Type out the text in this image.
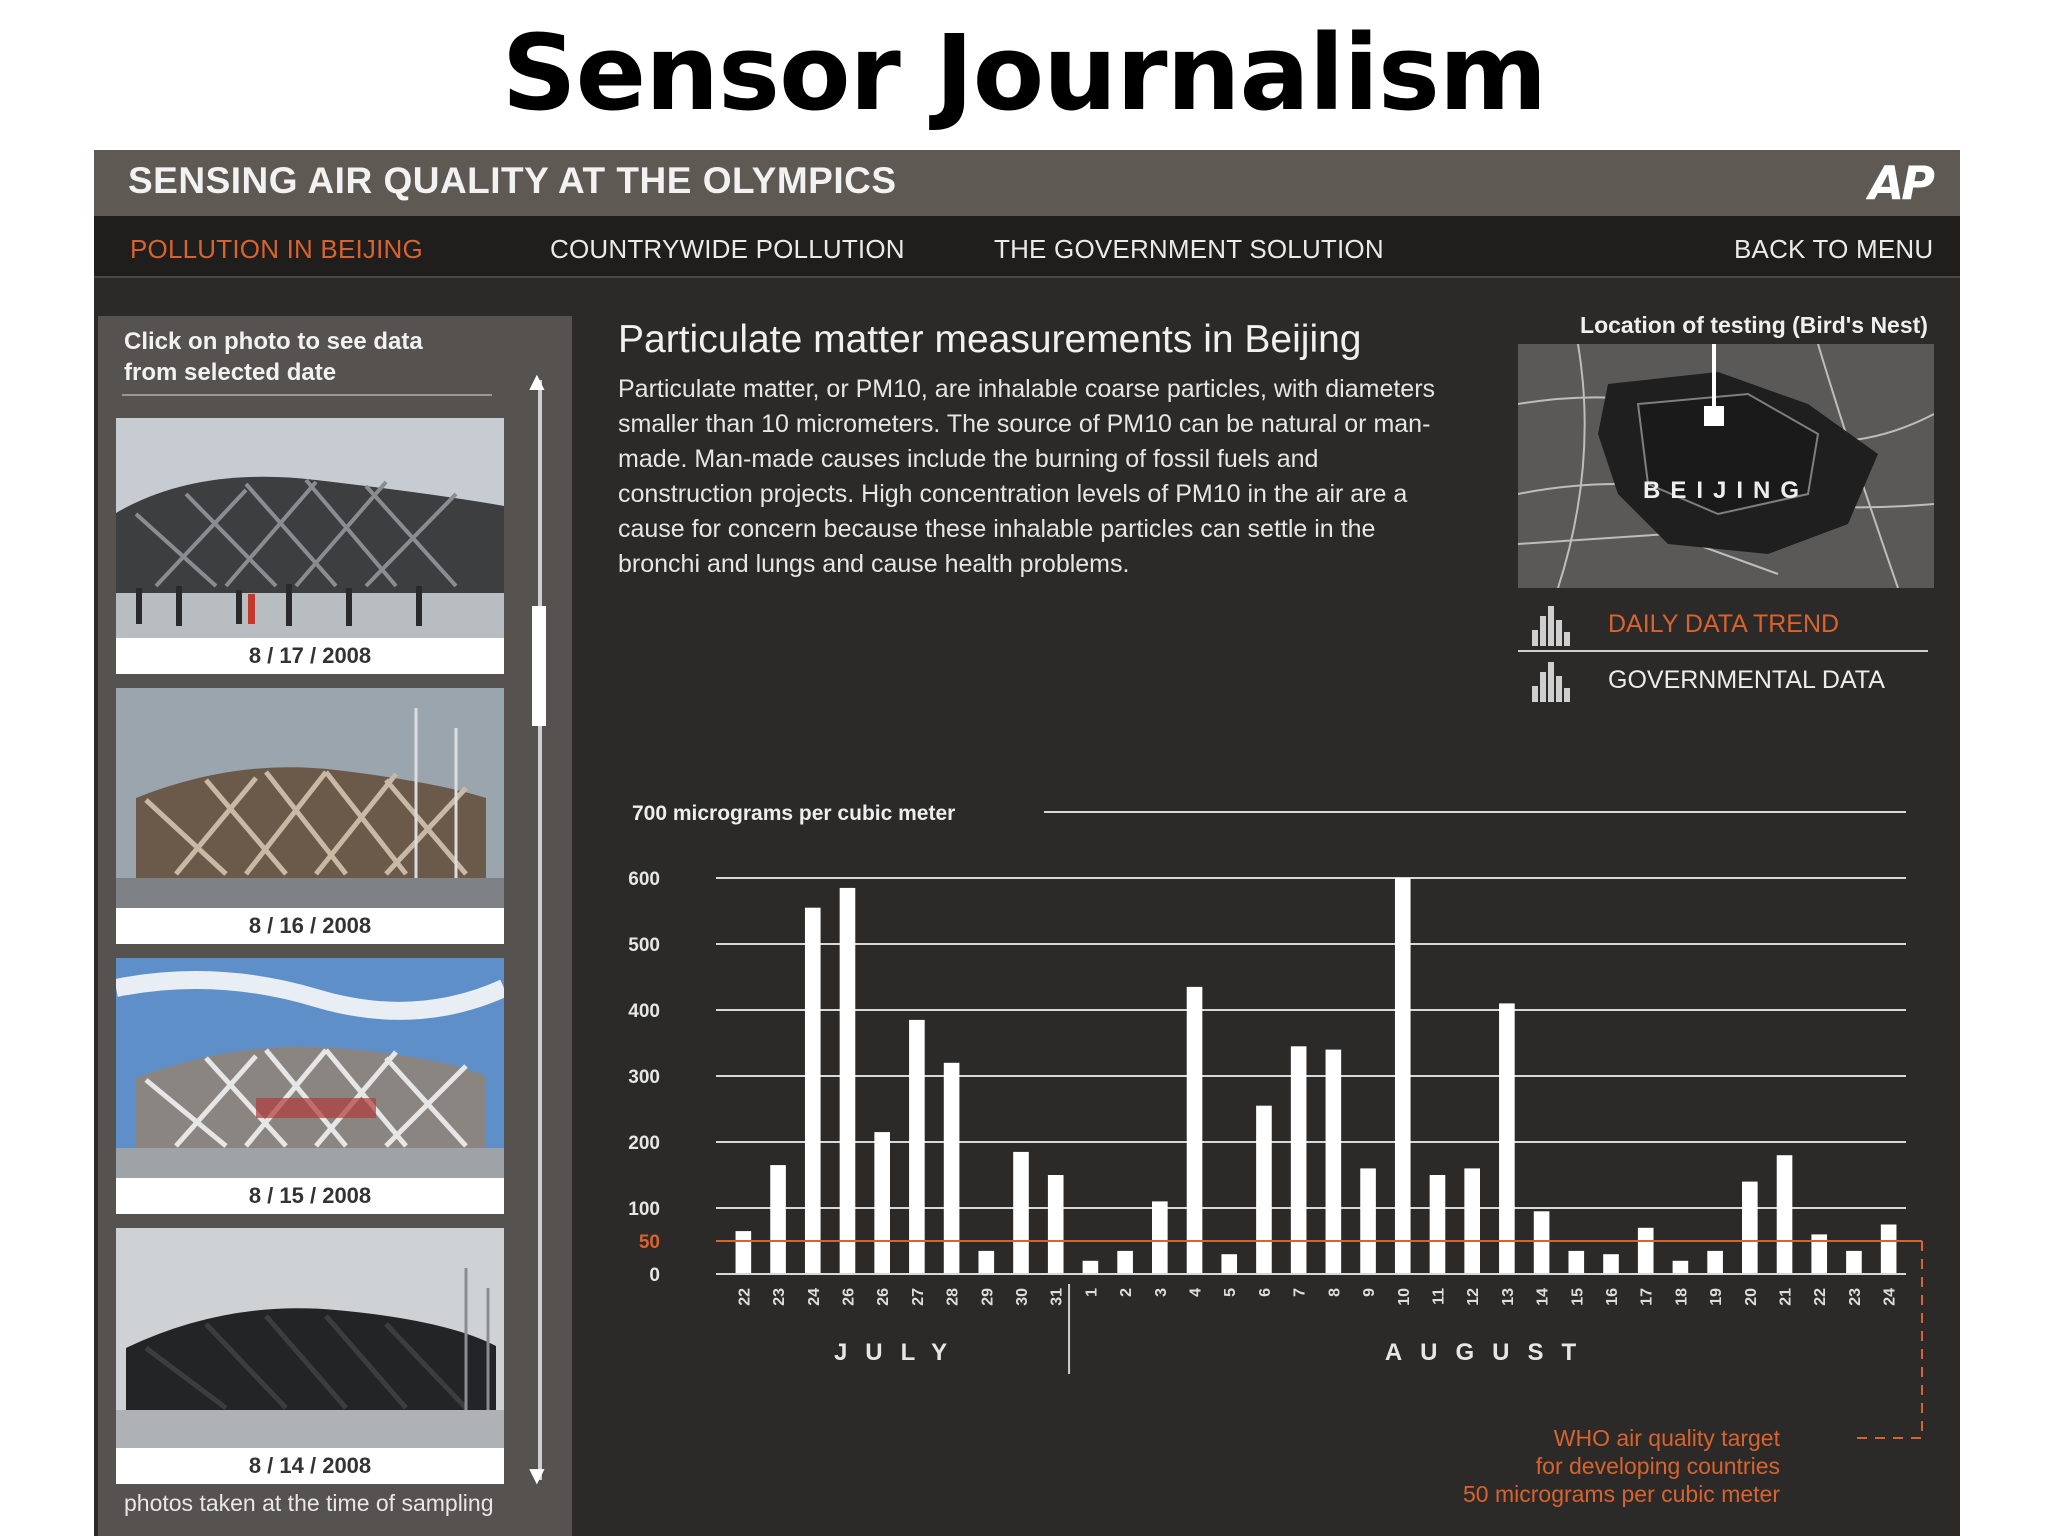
Sensor Journalism
SENSING AIR QUALITY AT THE OLYMPICS	AP
POLLUTION IN BEIJING	COUNTRYWIDE POLLUTION	THE GOVERNMENT SOLUTION	BACK TO MENU
Click on photo to see data from selected date
8 / 17 / 2008
8 / 16 / 2008
8 / 15 / 2008
8 / 14 / 2008
▲
▼
photos taken at the time of sampling
Particulate matter measurements in Beijing
Particulate matter, or PM10, are inhalable coarse particles, with diameters smaller than 10 micrometers. The source of PM10 can be natural or man-made. Man-made causes include the burning of fossil fuels and construction projects. High concentration levels of PM10 in the air are a cause for concern because these inhalable particles can settle in the bronchi and lungs and cause health problems.
Location of testing (Bird's Nest)
BEIJING
DAILY DATA TREND
GOVERNMENTAL DATA
700 micrograms per cubic meter
0
50
100
200
300
400
500
600
22 23 24 26 26 27 28 29 30 31 1 2 3 4 5 6 7 8 9 10 11 12 13 14 15 16 17 18 19 20 21 22 23 24
JULY	AUGUST
WHO air quality target
for developing countries
50 micrograms per cubic meter
